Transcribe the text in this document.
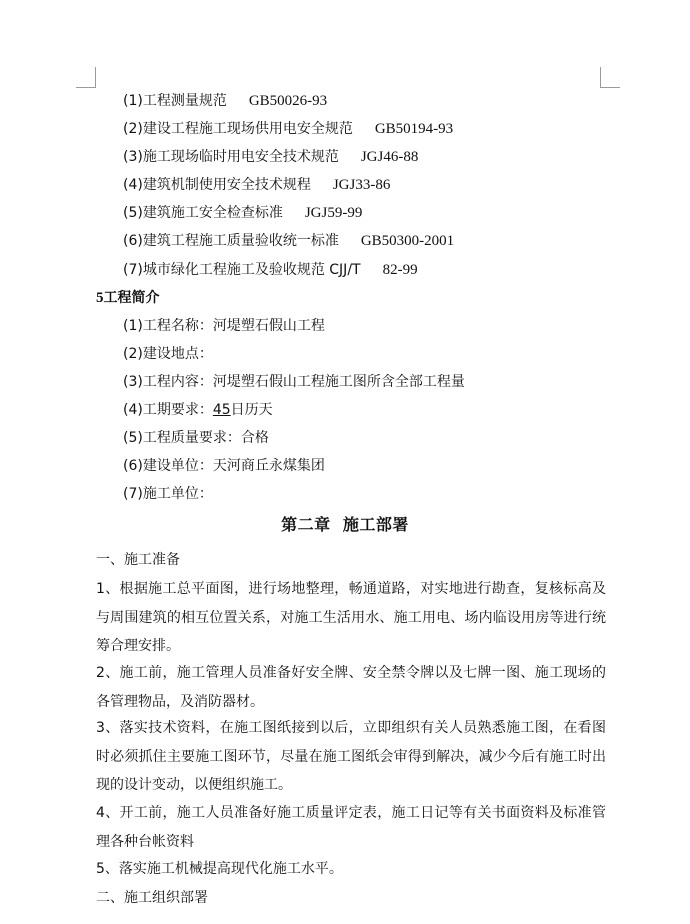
(1)工程测量规范 GB50026-93
(2)建设工程施工现场供用电安全规范 GB50194-93
(3)施工现场临时用电安全技术规范 JGJ46-88
(4)建筑机制使用安全技术规程 JGJ33-86
(5)建筑施工安全检查标准 JGJ59-99
(6)建筑工程施工质量验收统一标准 GB50300-2001
(7)城市绿化工程施工及验收规范 CJJ/T 82-99
5工程简介
(1)工程名称：河堤塑石假山工程
(2)建设地点：
(3)工程内容：河堤塑石假山工程施工图所含全部工程量
(4)工期要求：45日历天
(5)工程质量要求：合格
(6)建设单位：天河商丘永煤集团
(7)施工单位：
第二章  施工部署
一、施工准备
1、根据施工总平面图，进行场地整理，畅通道路，对实地进行勘查，复核标高及与周围建筑的相互位置关系，对施工生活用水、施工用电、场内临设用房等进行统筹合理安排。
2、施工前，施工管理人员准备好安全牌、安全禁令牌以及七牌一图、施工现场的各管理物品，及消防器材。
3、落实技术资料，在施工图纸接到以后，立即组织有关人员熟悉施工图，在看图时必须抓住主要施工图环节，尽量在施工图纸会审得到解决，减少今后有施工时出现的设计变动，以便组织施工。
4、开工前，施工人员准备好施工质量评定表，施工日记等有关书面资料及标准管理各种台帐资料
5、落实施工机械提高现代化施工水平。
二、施工组织部署
